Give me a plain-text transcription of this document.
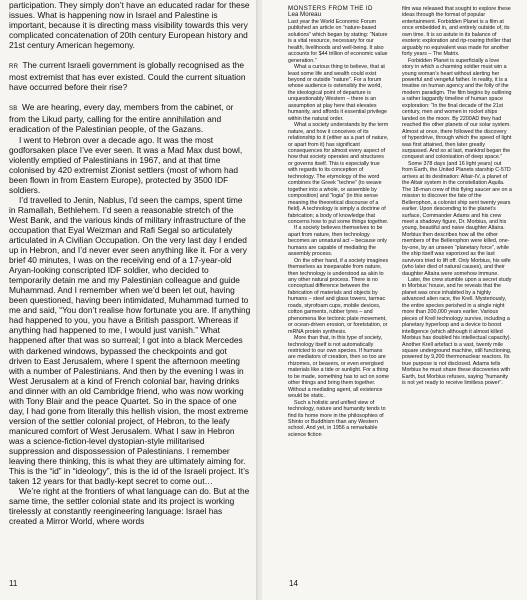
participation. They simply don’t have an educated radar for these issues. What is happening now in Israel and Palestine is important, because it is directing mass visibility towards this very complicated concatenation of 20th century European history and 21st century American hegemony.

RR The current Israeli government is globally recognised as the most extremist that has ever existed. Could the current situation have occurred before their rise?

SB We are hearing, every day, members from the cabinet, or from the Likud party, calling for the entire annihilation and eradication of the Palestinian people, of the Gazans.

I went to Hebron over a decade ago. It was the most godforsaken place I’ve ever seen. It was a Mad Max dust bowl, violently emptied of Palestinians in 1967, and at that time colonised by 420 extremist Zionist settlers (most of whom had been flown in from Eastern Europe), protected by 3500 IDF soldiers.

I’d travelled to Jenin, Nablus, I’d seen the camps, spent time in Ramallah, Bethlehem. I’d seen a reasonable stretch of the West Bank, and the various kinds of military infrastructure of the occupation that Eyal Weizman and Rafi Segal so articulately articulated in A Civilian Occupation. On the very last day I ended up in Hebron, and I’d never ever seen anything like it. For a very brief 40 minutes, I was on the receiving end of a 17-year-old Aryan-looking conscripted IDF soldier, who decided to temporarily detain me and my Palestinian colleague and guide Muhammad. And I remember when we’d been let out, having been questioned, having been intimidated, Muhammad turned to me and said, “You don’t realise how fortunate you are. If anything had happened to you, you have a British passport. Whereas if anything had happened to me, I would just vanish.” What happened after that was so surreal; I got into a black Mercedes with darkened windows, bypassed the checkpoints and got driven to East Jerusalem, where I spent the afternoon meeting with a number of Palestinians. And then by the evening I was in West Jerusalem at a kind of French colonial bar, having drinks and dinner with an old Cambridge friend, who was now working with Tony Blair and the peace Quartet. So in the space of one day, I had gone from literally this hellish vision, the most extreme version of the settler colonial project, of Hebron, to the leafy manicured comfort of West Jerusalem. What I saw in Hebron was a science-fiction-level dystopian-style militarised suppression and dispossession of Palestinians. I remember leaving there thinking, this is what they are ultimately aiming for. This is the “id” in “ideology”, this is the id of the Israeli project. It’s taken 12 years for that badly-kept secret to come out…

We’re right at the frontiers of what language can do. But at the same time, the settler colonial state and its project is working tirelessly at constantly reengineering language: Israel has created a Mirror World, where words

11

MONSTERS FROM THE ID

Lea Moreau

Last year the World Economic Forum published an article on “nature-based solutions” which began by stating: “Nature is a vital resource, necessary for our health, livelihoods and well-being. It also accounts for $44 trillion of economic value generation.”

What a curious thing to believe, that at least some life and wealth could exist beyond or outside “nature”. For a forum whose audience is ostensibly the world, the ideological point of departure is unquestionably Western – there is an assumption at play here that elevates humanity, and affords it essential privilege within the natural order.

What a society understands by the term nature, and how it conceives of its relationship to it (either as a part of nature, or apart from it) has significant consequences for almost every aspect of how that society operates and structures or governs itself. This is especially true with regards to its conception of technology. The etymology of the word combines the Greek “techne” (to weave together into a whole, or assemble by composition) and “logia” (in this sense meaning the theoretical discourse of a field). A technology is simply a doctrine of fabrication; a body of knowledge that concerns how to put some things together.

If a society believes themselves to be apart from nature, then technology becomes an unnatural act – because only humans are capable of mediating the assembly process.

On the other hand, if a society imagines themselves as inseparable from nature, then technology is understood as akin to any other natural process. There is no conceptual difference between the fabrication of materials and objects by humans – steel and glass towers, tarmac roads, styrofoam cups, mobile devices, cotton garments, rubber tyres – and phenomena like tectonic plate movement, or ocean-driven erosion, or foretstation, or mRNA protein synthesis.

More than that, in this type of society, technology itself is not automatically restricted to our own species. If humans are mediators of creation, then so too are rhizomes, or beavers, or even energised materials like a tide or sunlight. For a thing to be made, something has to act on some other things and bring them together. Without a mediating agent, all existence would be static.

Such a holistic and unified view of technology, nature and humanity tends to find its home more in the philosophies of Shinto or Buddhism than any Western school. And yet, in 1956 a remarkable science fiction

film was released that sought to explore these ideas through the format of popular entertainment. Forbidden Planet is a film at once embedded in, and entirely outside of, its own time. It is so astute in its balance of esoteric exploration and rip-roaring thriller that arguably no equivalent was made for another forty years – The Matrix.

Forbidden Planet is superficially a love story in which a charming soldier must win a young woman’s heart without alerting her powerful and vengeful father. In reality, it is a treatise on human agency and the folly of the modern paradigm. The film begins by outlining a rather laggardly timeline of human space exploration: “In the final decade of the 21st century, men and women in rocket ships landed on the moon. By 2200AD they had reached the other planets of our solar system. Almost at once, there followed the discovery of hyperdrive, through which the speed of light was first attained, then later greatly surpassed. And so at last, mankind began the conquest and colonisation of deep space.”

Some 378 days (and 16 light years) out from Earth, the United Planets starship C-57D arrives at its destination: Altair-IV, a planet of the Altair system in the constellation Aquila. The 18-man crew of this flying saucer are on a mission to discover the fate of the Bellerophon, a colonist ship sent twenty years earlier. Upon descending to the planet’s surface, Commander Adams and his crew meet a shadowy figure, Dr. Morbius, and his young, beautiful and naive daughter Altaira. Morbius then describes how all the other members of the Bellerophon were killed, one-by-one, by an unseen “planetary force”, while the ship itself was vaporized as the last survivors tried to lift off. Only Morbius, his wife (who later died of natural causes), and their daughter Altaira were somehow immune.

Later, the crew stumble upon a secret study in Morbius’ house, and he reveals that the planet was once inhabited by a highly advanced alien race, the Krell. Mysteriously, the entire species perished in a single night more than 200,000 years earlier. Various pieces of Krell technology survive, including a planetary hyperloop and a device to boost intelligence (which although it almost killed Morbius has doubled his intellectual capacity). Another Krell artefact is a vast, twenty mile square underground machine, still functioning, powered by 9,200 thermonuclear reactors. Its true purpose is not disclosed. Adams tells Morbius he must share these discoveries with Earth, but Morbius refuses, saying “humanity is not yet ready to receive limitless power”.

14
